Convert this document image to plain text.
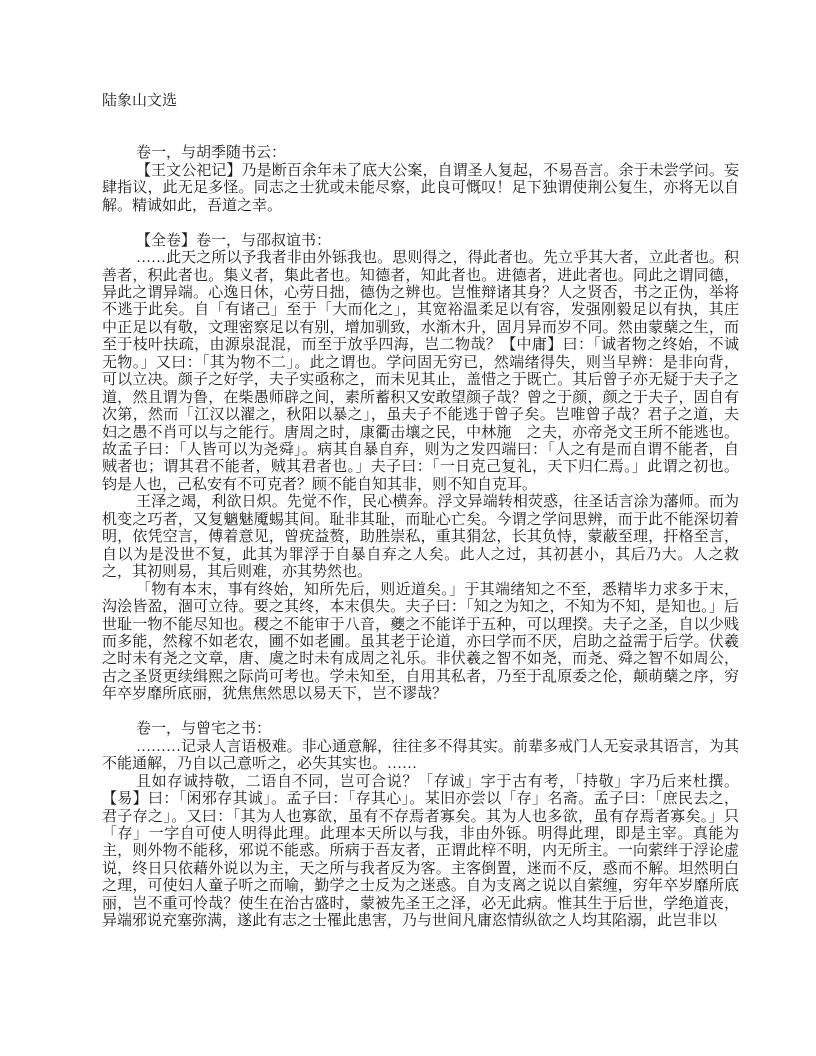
陆象山文选

卷一，与胡季随书云：

【王文公祀记】乃是断百余年未了底大公案，自谓圣人复起，不易吾言。余于未尝学问。妄肆指议，此无足多怪。同志之士犹或未能尽察，此良可慨叹！足下独谓使荆公复生，亦将无以自解。精诚如此，吾道之幸。

【全卷】卷一，与邵叔谊书：

……此天之所以予我者非由外铄我也。思则得之，得此者也。先立乎其大者，立此者也。积善者，积此者也。集义者，集此者也。知德者，知此者也。进德者，进此者也。同此之谓同德，异此之谓异端。心逸日休，心劳日拙，德伪之辨也。岂惟辩诸其身？人之贤否，书之正伪，举将不逃于此矣。自「有诸己」至于「大而化之」，其宽裕温柔足以有容，发强刚毅足以有执，其庄中正足以有敬，文理密察足以有别，增加驯致，水渐木升，固月异而岁不同。然由蒙蘖之生，而至于枝叶扶疏，由源泉混混，而至于放乎四海，岂二物哉？【中庸】曰：「诚者物之终始，不诚无物。」又曰：「其为物不二」。此之谓也。学问固无穷已，然端绪得失，则当早辨：是非向背，可以立决。颜子之好学，夫子实亟称之，而未见其止，盖惜之于既亡。其后曾子亦无疑于夫子之道，然且谓为鲁，在柴愚师辟之间，素所蓄积又安敢望颜子哉？曾之于颜，颜之于夫子，固自有次第，然而「江汉以濯之，秋阳以暴之」，虽夫子不能逃于曾子矣。岂唯曾子哉？君子之道，夫妇之愚不肖可以与之能行。唐周之时，康衢击壤之民，中林施　之夫，亦帝尧文王所不能逃也。故孟子曰：「人皆可以为尧舜」。病其自暴自弃，则为之发四端曰：「人之有是而自谓不能者，自贼者也；谓其君不能者，贼其君者也。」夫子曰：「一日克己复礼，天下归仁焉。」此谓之初也。钧是人也，己私安有不可克者？顾不能自知其非，则不知自克耳。

王泽之竭，利欲日炽。先觉不作，民心横奔。浮文异端转相荧惑，往圣话言涂为藩师。而为机变之巧者，又复魑魅魇蜴其间。耻非其耻，而耻心亡矣。今谓之学问思辨，而于此不能深切着明，依凭空言，傅着意见，曾疣益赘，助胜崇私，重其狷忿，长其负恃，蒙蔽至理，扞格至言，自以为是没世不复，此其为罪浮于自暴自弃之人矣。此人之过，其初甚小，其后乃大。人之救之，其初则易，其后则难，亦其势然也。

「物有本末，事有终始，知所先后，则近道矣。」于其端绪知之不至，悉精毕力求多于末，沟浍皆盈，涸可立待。要之其终，本末俱失。夫子曰：「知之为知之，不知为不知，是知也。」后世耻一物不能尽知也。稷之不能审于八音，夔之不能详于五种，可以理揆。夫子之圣，自以少贱而多能，然稼不如老农，圃不如老圃。虽其老于论道，亦曰学而不厌，启助之益需于后学。伏羲之时未有尧之文章，唐、虞之时未有成周之礼乐。非伏羲之智不如尧，而尧、舜之智不如周公，古之圣贤更续缉熙之际尚可考也。学未知至，自用其私者，乃至于乱原委之伦，颠萌蘖之序，穷年卒岁靡所底丽，犹焦焦然思以易天下，岂不谬哉？

卷一，与曾宅之书：

………记录人言语极难。非心通意解，往往多不得其实。前辈多戒门人无妄录其语言，为其不能通解，乃自以己意听之，必失其实也。……

且如存诚持敬，二语自不同，岂可合说？「存诚」字于古有考，「持敬」字乃后来杜撰。【易】曰：「闲邪存其诚」。孟子曰：「存其心」。某旧亦尝以「存」名斋。孟子曰：「庶民去之，君子存之」。又曰：「其为人也寡欲，虽有不存焉者寡矣。其为人也多欲，虽有存焉者寡矣。」只「存」一字自可使人明得此理。此理本天所以与我，非由外铄。明得此理，即是主宰。真能为主，则外物不能移，邪说不能惑。所病于吾友者，正谓此梓不明，内无所主。一向萦绊于浮论虚说，终日只依藉外说以为主，天之所与我者反为客。主客倒置，迷而不反，惑而不解。坦然明白之理，可使妇人童子听之而喻，勤学之士反为之迷惑。自为支离之说以自萦缠，穷年卒岁靡所底丽，岂不重可怜哉？使生在治古盛时，蒙被先圣王之泽，必无此病。惟其生于后世，学绝道丧，异端邪说充塞弥满，遂此有志之士罹此患害，乃与世间凡庸恣情纵欲之人均其陷溺，此岂非以
